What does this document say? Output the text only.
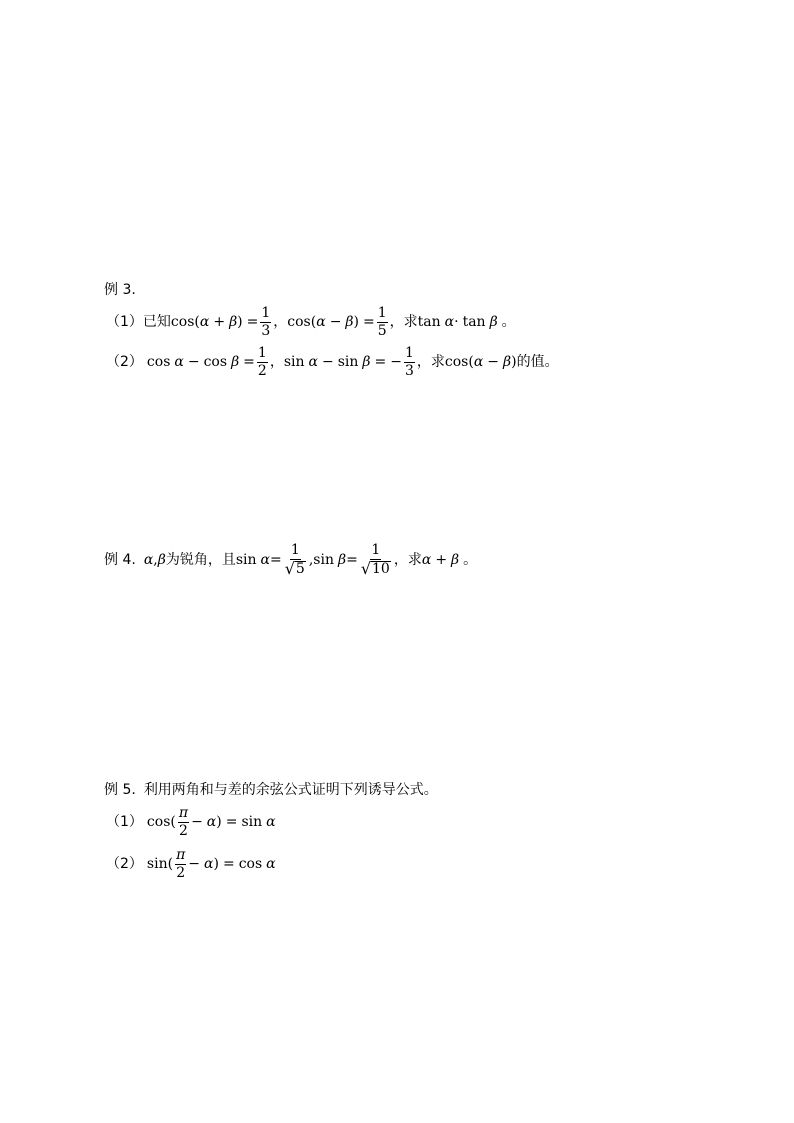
例 3.
（1） 已知 cos ( α + β ) = $\frac{1}{3}$ ， cos ( α − β ) = $\frac{1}{5}$ ，求 tan α · tan β 。
（2） $\cos \alpha - \cos \beta = \frac{1}{2}$ ， sin α − sin β = − $\frac{1}{3}$ ，求 cos ( α − β ) 的值。
例 4. α , β 为锐角，且 $\sin \alpha = \frac{1}{√ 5}$ , $\sin \beta = \frac{1}{√ 10}$ ，求 α + β 。
例 5. 利用两角和与差的余弦公式证明下列诱导公式。
（1） cos ( $\frac{\pi}{2} - \alpha$ ) = sin α
（2） sin ( $\frac{\pi}{2} - \alpha$ ) = cos α
